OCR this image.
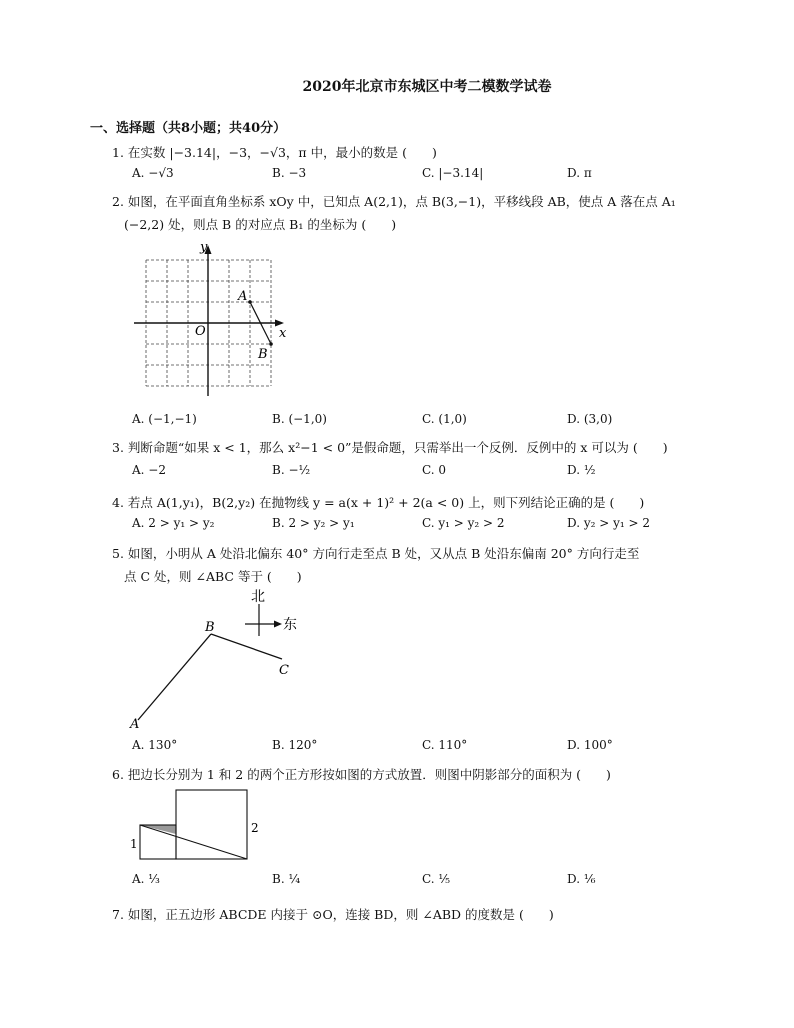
2020年北京市东城区中考二模数学试卷
一、选择题（共8小题；共40分）
1. 在实数 |−3.14|，−3，−√3，π 中，最小的数是 (　　)
A. −√3	B. −3	C. |−3.14|	D. π
2. 如图，在平面直角坐标系 xOy 中，已知点 A(2,1)，点 B(3,−1)，平移线段 AB，使点 A 落在点 A₁
(−2,2) 处，则点 B 的对应点 B₁ 的坐标为 (　　)
y
x
O
A
B
A. (−1,−1)	B. (−1,0)	C. (1,0)	D. (3,0)
3. 判断命题“如果 x < 1，那么 x²−1 < 0”是假命题，只需举出一个反例．反例中的 x 可以为 (　　)
A. −2	B. −½	C. 0	D. ½
4. 若点 A(1,y₁)，B(2,y₂) 在抛物线 y = a(x + 1)² + 2(a < 0) 上，则下列结论正确的是 (　　)
A. 2 > y₁ > y₂	B. 2 > y₂ > y₁	C. y₁ > y₂ > 2	D. y₂ > y₁ > 2
5. 如图，小明从 A 处沿北偏东 40° 方向行走至点 B 处，又从点 B 处沿东偏南 20° 方向行走至
点 C 处，则 ∠ABC 等于 (　　)
北
东
A
B
C
A. 130°	B. 120°	C. 110°	D. 100°
6. 把边长分别为 1 和 2 的两个正方形按如图的方式放置．则图中阴影部分的面积为 (　　)
1
2
A. ⅓	B. ¼	C. ⅕	D. ⅙
7. 如图，正五边形 ABCDE 内接于 ⊙O，连接 BD，则 ∠ABD 的度数是 (　　)
